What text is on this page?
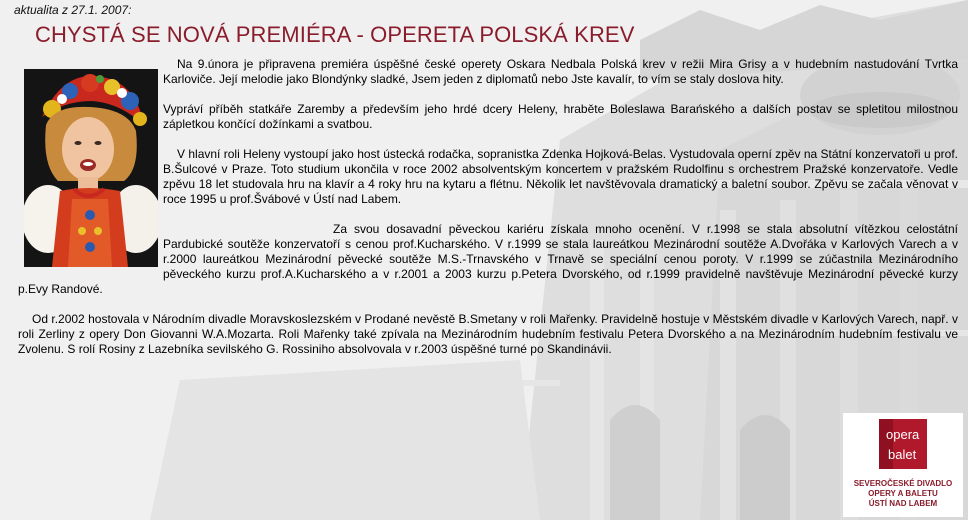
aktualita z 27.1. 2007:
CHYSTÁ SE NOVÁ PREMIÉRA - OPERETA POLSKÁ KREV

Na 9.února je připravena premiéra úspěšné české operety Oskara Nedbala Polská krev v režii Mira Grisy a v hudebním nastudování Tvrtka Karloviče. Její melodie jako Blondýnky sladké, Jsem jeden z diplomatů nebo Jste kavalír, to vím se staly doslova hity.

Vypráví příběh statkáře Zaremby a především jeho hrdé dcery Heleny, hraběte Boleslawa Barańského a dalších postav se spletitou milostnou zápletkou končící dožínkami a svatbou.

V hlavní roli Heleny vystoupí jako host ústecká rodačka, sopranistka Zdenka Hojková-Belas. Vystudovala operní zpěv na Státní konzervatoři u prof. B.Šulcové v Praze. Toto studium ukončila v roce 2002 absolventským koncertem v pražském Rudolfinu s orchestrem Pražské konzervatoře. Vedle zpěvu 18 let studovala hru na klavír a 4 roky hru na kytaru a flétnu. Několik let navštěvovala dramatický a baletní soubor. Zpěvu se začala věnovat v roce 1995 u prof.Švábové v Ústí nad Labem.

Za svou dosavadní pěveckou kariéru získala mnoho ocenění. V r.1998 se stala absolutní vítězkou celostátní Pardubické soutěže konzervatoří s cenou prof.Kucharského. V r.1999 se stala laureátkou Mezinárodní soutěže A.Dvořáka v Karlových Varech a v r.2000 laureátkou Mezinárodní pěvecké soutěže M.S.-Trnavského v Trnavě se speciální cenou poroty. V r.1999 se zúčastnila Mezinárodního pěveckého kurzu prof.A.Kucharského a v r.2001 a 2003 kurzu p.Petera Dvorského, od r.1999 pravidelně navštěvuje Mezinárodní pěvecké kurzy p.Evy Randové.

Od r.2002 hostovala v Národním divadle Moravskoslezském v Prodané nevěstě B.Smetany v roli Mařenky. Pravidelně hostuje v Městském divadle v Karlových Varech, např. v roli Zerliny z opery Don Giovanni W.A.Mozarta. Roli Mařenky také zpívala na Mezinárodním hudebním festivalu Petera Dvorského a na Mezinárodním hudebním festivalu ve Zvolenu. S rolí Rosiny z Lazebníka sevilského G. Rossiniho absolvovala v r.2003 úspěšné turné po Skandinávii.

opera
balet
SEVEROČESKÉ DIVADLO
OPERY A BALETU
ÚSTÍ NAD LABEM
